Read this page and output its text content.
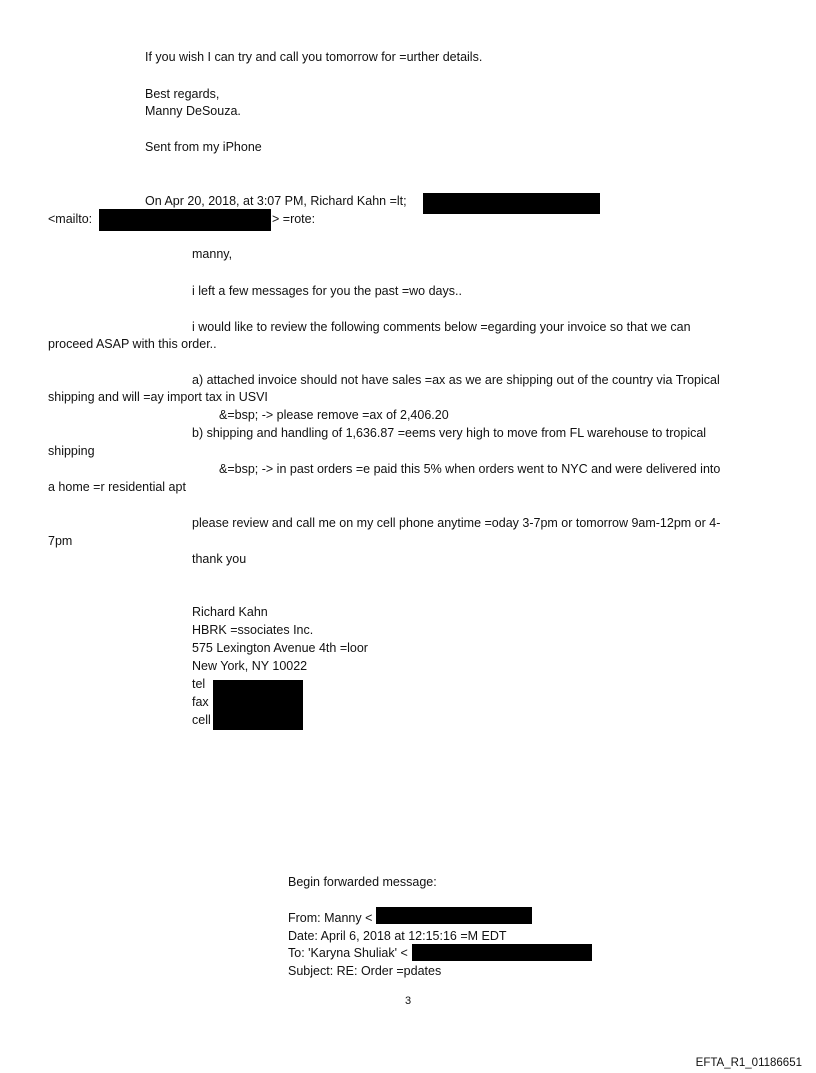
If you wish I can try and call you tomorrow for =urther details.
Best regards,
Manny DeSouza.
Sent from my iPhone
On Apr 20, 2018, at 3:07 PM, Richard Kahn =lt;
<mailto:	> =rote:
manny,
i left a few messages for you the past =wo days..
i would like to review the following comments below =egarding your invoice so that we can
proceed ASAP with this order..
a) attached invoice should not have sales =ax as we are shipping out of the country via Tropical
shipping and will =ay import tax in USVI
&=bsp; -> please remove =ax of 2,406.20
b) shipping and handling of 1,636.87 =eems very high to move from FL warehouse to tropical
shipping
&=bsp; -> in past orders =e paid this 5% when orders went to NYC and were delivered into
a home =r residential apt
please review and call me on my cell phone anytime =oday 3-7pm or tomorrow 9am-12pm or 4-
7pm
thank you
Richard Kahn
HBRK =ssociates Inc.
575 Lexington Avenue 4th =loor
New York, NY 10022
tel
fax
cell
Begin forwarded message:
From: Manny <
Date: April 6, 2018 at 12:15:16 =M EDT
To: 'Karyna Shuliak' <
Subject: RE: Order =pdates
3
EFTA_R1_01186651
